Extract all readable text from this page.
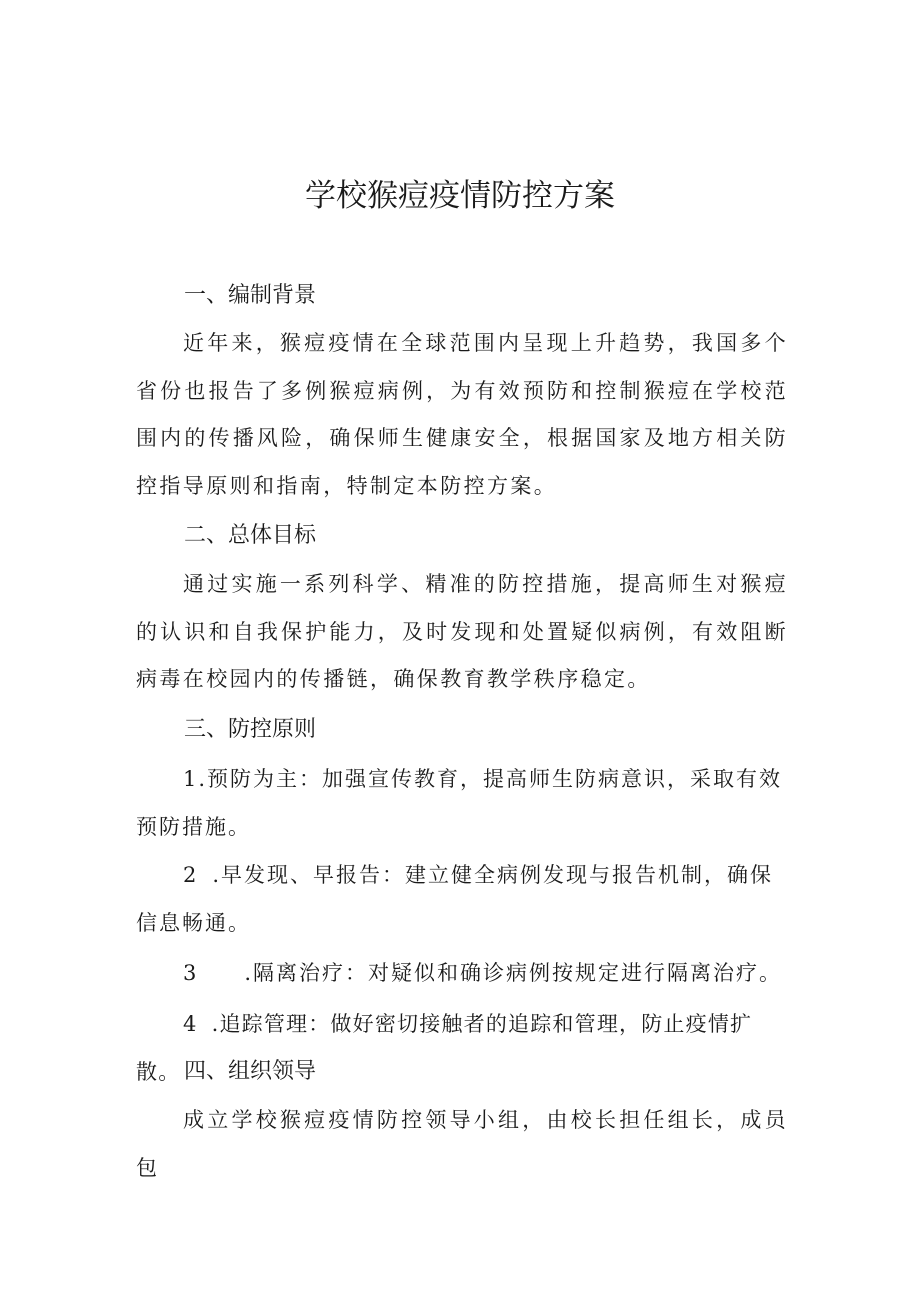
学校猴痘疫情防控方案
一、编制背景

近年来，猴痘疫情在全球范围内呈现上升趋势，我国多个省份也报告了多例猴痘病例，为有效预防和控制猴痘在学校范围内的传播风险，确保师生健康安全，根据国家及地方相关防控指导原则和指南，特制定本防控方案。

二、总体目标

通过实施一系列科学、精准的防控措施，提高师生对猴痘的认识和自我保护能力，及时发现和处置疑似病例，有效阻断病毒在校园内的传播链，确保教育教学秩序稳定。

三、防控原则

1.预防为主：加强宣传教育，提高师生防病意识，采取有效预防措施。

2 .早发现、早报告：建立健全病例发现与报告机制，确保信息畅通。

3 .隔离治疗：对疑似和确诊病例按规定进行隔离治疗。

4 .追踪管理：做好密切接触者的追踪和管理，防止疫情扩散。 四、组织领导

成立学校猴痘疫情防控领导小组，由校长担任组长，成员包
